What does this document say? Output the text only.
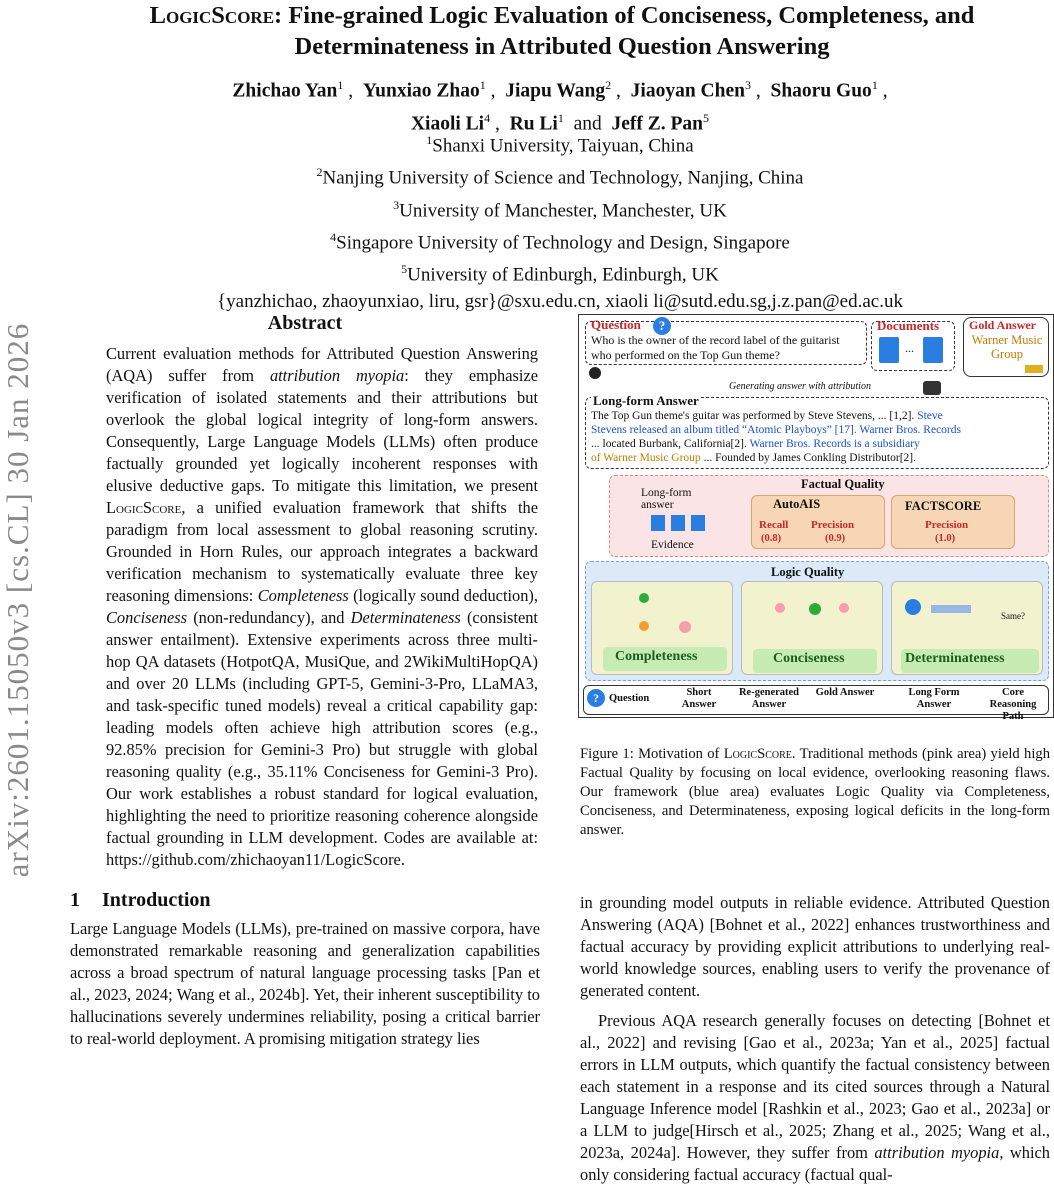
arXiv:2601.15050v3 [cs.CL] 30 Jan 2026
LogicScore: Fine-grained Logic Evaluation of Conciseness, Completeness, and
Determinateness in Attributed Question Answering
Zhichao Yan$^1$ ,  Yunxiao Zhao$^1$ ,  Jiapu Wang$^2$ ,  Jiaoyan Chen$^3$ ,  Shaoru Guo$^1$ ,
Xiaoli Li$^4$ ,  Ru Li$^1$ and Jeff Z. Pan$^5$
$^1$Shanxi University, Taiyuan, China
$^2$Nanjing University of Science and Technology, Nanjing, China
$^3$University of Manchester, Manchester, UK
$^4$Singapore University of Technology and Design, Singapore
$^5$University of Edinburgh, Edinburgh, UK
{yanzhichao, zhaoyunxiao, liru, gsr}@sxu.edu.cn, xiaoli li@sutd.edu.sg,j.z.pan@ed.ac.uk
Abstract
Current evaluation methods for Attributed Question Answering (AQA) suffer from attribution myopia: they emphasize verification of isolated statements and their attributions but overlook the global logical integrity of long-form answers. Consequently, Large Language Models (LLMs) often produce factually grounded yet logically incoherent responses with elusive deductive gaps. To mitigate this limitation, we present LogicScore, a unified evaluation framework that shifts the paradigm from local assessment to global reasoning scrutiny. Grounded in Horn Rules, our approach integrates a backward verification mechanism to systematically evaluate three key reasoning dimensions: Completeness (logically sound deduction), Conciseness (non-redundancy), and Determinateness (consistent answer entailment). Extensive experiments across three multi-hop QA datasets (HotpotQA, MusiQue, and 2WikiMultiHopQA) and over 20 LLMs (including GPT-5, Gemini-3-Pro, LLaMA3, and task-specific tuned models) reveal a critical capability gap: leading models often achieve high attribution scores (e.g., 92.85% precision for Gemini-3 Pro) but struggle with global reasoning quality (e.g., 35.11% Conciseness for Gemini-3 Pro). Our work establishes a robust standard for logical evaluation, highlighting the need to prioritize reasoning coherence alongside factual grounding in LLM development. Codes are available at: https://github.com/zhichaoyan11/LogicScore.
1 Introduction
Large Language Models (LLMs), pre-trained on massive corpora, have demonstrated remarkable reasoning and generalization capabilities across a broad spectrum of natural language processing tasks [Pan et al., 2023, 2024; Wang et al., 2024b]. Yet, their inherent susceptibility to hallucinations severely undermines reliability, posing a critical barrier to real-world deployment. A promising mitigation strategy lies
Question	?
Who is the owner of the record label of the guitarist who performed on the Top Gun theme?
Documents
...
Gold Answer
Warner Music Group
Generating answer with attribution
Long-form Answer
The Top Gun theme's guitar was performed by Steve Stevens, ... [1,2]. Steve
Stevens released an album titled “Atomic Playboys” [17]. Warner Bros. Records
... located Burbank, California[2]. Warner Bros. Records is a subsidiary
of Warner Music Group ... Founded by James Conkling Distributor[2].
Factual Quality
Long-form answer
Evidence
AutoAIS
Recall
(0.8)
Precision
(0.9)
FACTSCORE
Precision
(1.0)
Logic Quality
Same?
Completeness	Conciseness	Determinateness
? Question
Short Answer
Re-generated Answer
Gold Answer	Long Form Answer
Core Reasoning Path
Figure 1: Motivation of LogicScore. Traditional methods (pink area) yield high Factual Quality by focusing on local evidence, overlooking reasoning flaws. Our framework (blue area) evaluates Logic Quality via Completeness, Conciseness, and Determinateness, exposing logical deficits in the long-form answer.

in grounding model outputs in reliable evidence. Attributed Question Answering (AQA) [Bohnet et al., 2022] enhances trustworthiness and factual accuracy by providing explicit attributions to underlying real-world knowledge sources, enabling users to verify the provenance of generated content.

Previous AQA research generally focuses on detecting [Bohnet et al., 2022] and revising [Gao et al., 2023a; Yan et al., 2025] factual errors in LLM outputs, which quantify the factual consistency between each statement in a response and its cited sources through a Natural Language Inference model [Rashkin et al., 2023; Gao et al., 2023a] or a LLM to judge[Hirsch et al., 2025; Zhang et al., 2025; Wang et al., 2023a, 2024a]. However, they suffer from attribution myopia, which only considering factual accuracy (factual qual-
